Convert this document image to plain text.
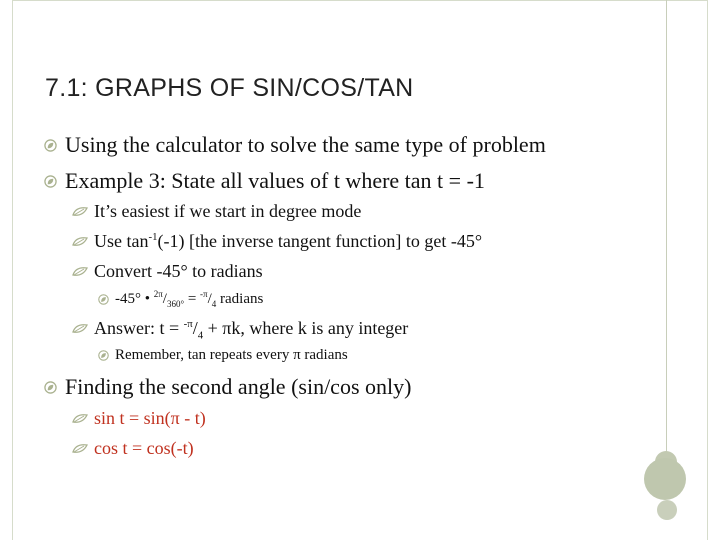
7.1: GRAPHS OF SIN/COS/TAN
Using the calculator to solve the same type of problem
Example 3: State all values of t where tan t = -1
It’s easiest if we start in degree mode
Use $\tan^{-1}(-1)$ [the inverse tangent function] to get -45°
Convert -45° to radians
-45° • $^{2\pi}/_{360^\circ} = ^{-\pi}/_4$ radians
Answer: $t = ^{-\pi}/_4 + \pi k$, where k is any integer
Remember, tan repeats every π radians
Finding the second angle (sin/cos only)
sin t = sin(π - t)
cos t = cos(-t)
